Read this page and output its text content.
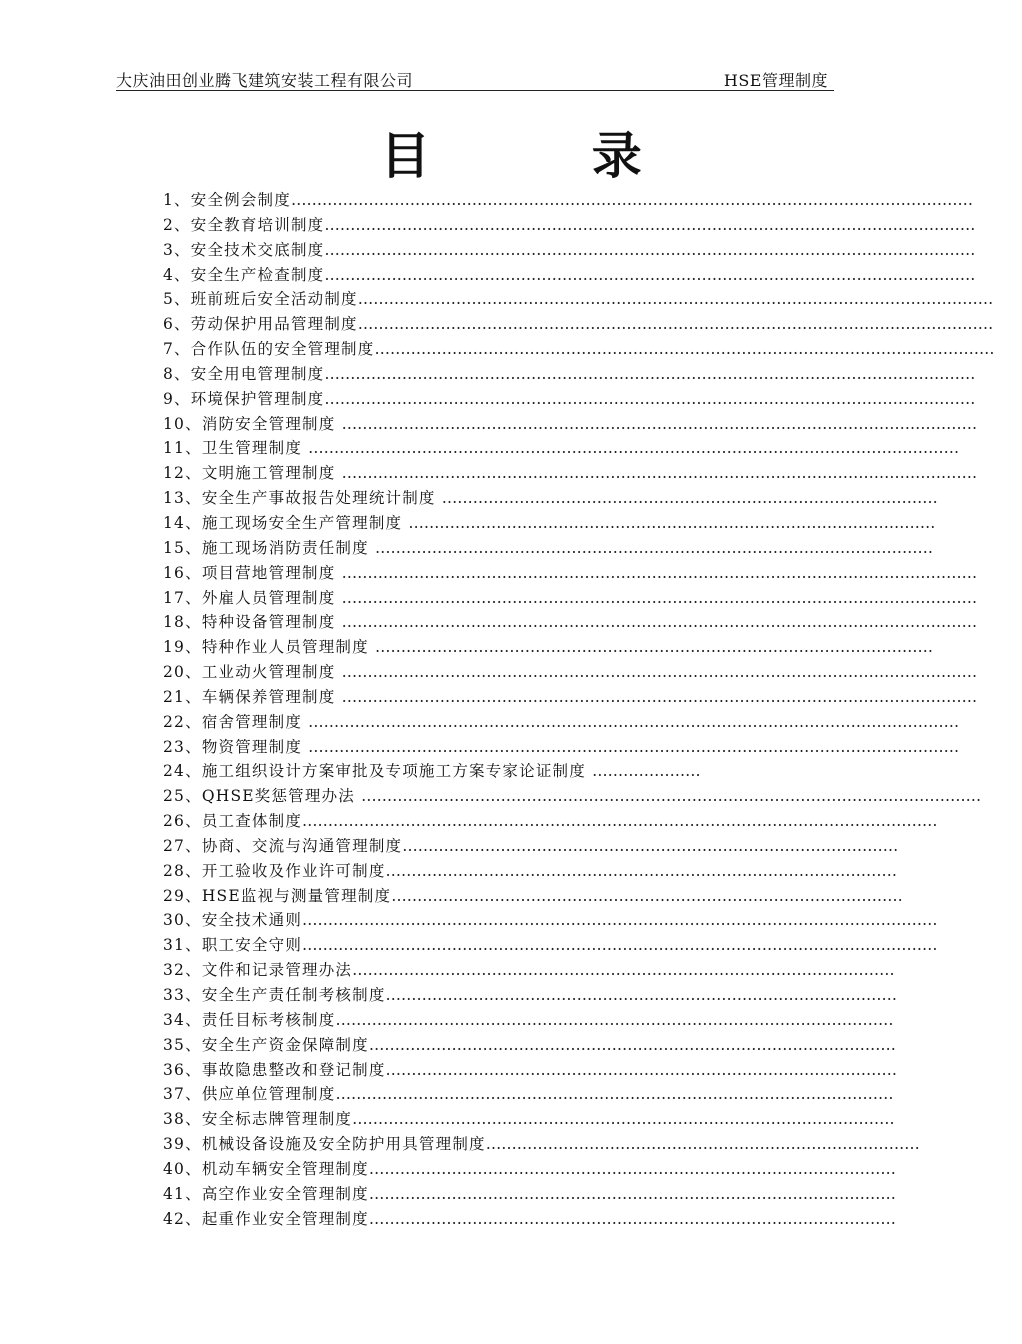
大庆油田创业腾飞建筑安装工程有限公司	HSE管理制度
目 录
1、安全例会制度……………………………………………………………………………………………………………………
2、安全教育培训制度………………………………………………………………………………………………………………
3、安全技术交底制度………………………………………………………………………………………………………………
4、安全生产检查制度………………………………………………………………………………………………………………
5、班前班后安全活动制度……………………………………………………………………………………………………………
6、劳动保护用品管理制度……………………………………………………………………………………………………………
7、合作队伍的安全管理制度…………………………………………………………………………………………………………
8、安全用电管理制度………………………………………………………………………………………………………………
9、环境保护管理制度………………………………………………………………………………………………………………
10、消防安全管理制度 ……………………………………………………………………………………………………………
11、卫生管理制度 ………………………………………………………………………………………………………………
12、文明施工管理制度 ……………………………………………………………………………………………………………
13、安全生产事故报告处理统计制度 ……………………………………………………………………………………
14、施工现场安全生产管理制度 …………………………………………………………………………………………
15、施工现场消防责任制度 ………………………………………………………………………………………………
16、项目营地管理制度 ……………………………………………………………………………………………………………
17、外雇人员管理制度 ……………………………………………………………………………………………………………
18、特种设备管理制度 ……………………………………………………………………………………………………………
19、特种作业人员管理制度 ………………………………………………………………………………………………
20、工业动火管理制度 ……………………………………………………………………………………………………………
21、车辆保养管理制度 ……………………………………………………………………………………………………………
22、宿舍管理制度 ………………………………………………………………………………………………………………
23、物资管理制度 ………………………………………………………………………………………………………………
24、施工组织设计方案审批及专项施工方案专家论证制度 …………………
25、QHSE奖惩管理办法 …………………………………………………………………………………………………………
26、员工查体制度……………………………………………………………………………………………………………
27、协商、交流与沟通管理制度……………………………………………………………………………………
28、开工验收及作业许可制度………………………………………………………………………………………
29、HSE监视与测量管理制度………………………………………………………………………………………
30、安全技术通则……………………………………………………………………………………………………………
31、职工安全守则……………………………………………………………………………………………………………
32、文件和记录管理办法……………………………………………………………………………………………
33、安全生产责任制考核制度………………………………………………………………………………………
34、责任目标考核制度………………………………………………………………………………………………
35、安全生产资金保障制度…………………………………………………………………………………………
36、事故隐患整改和登记制度………………………………………………………………………………………
37、供应单位管理制度………………………………………………………………………………………………
38、安全标志牌管理制度……………………………………………………………………………………………
39、机械设备设施及安全防护用具管理制度…………………………………………………………………………
40、机动车辆安全管理制度…………………………………………………………………………………………
41、高空作业安全管理制度…………………………………………………………………………………………
42、起重作业安全管理制度…………………………………………………………………………………………
